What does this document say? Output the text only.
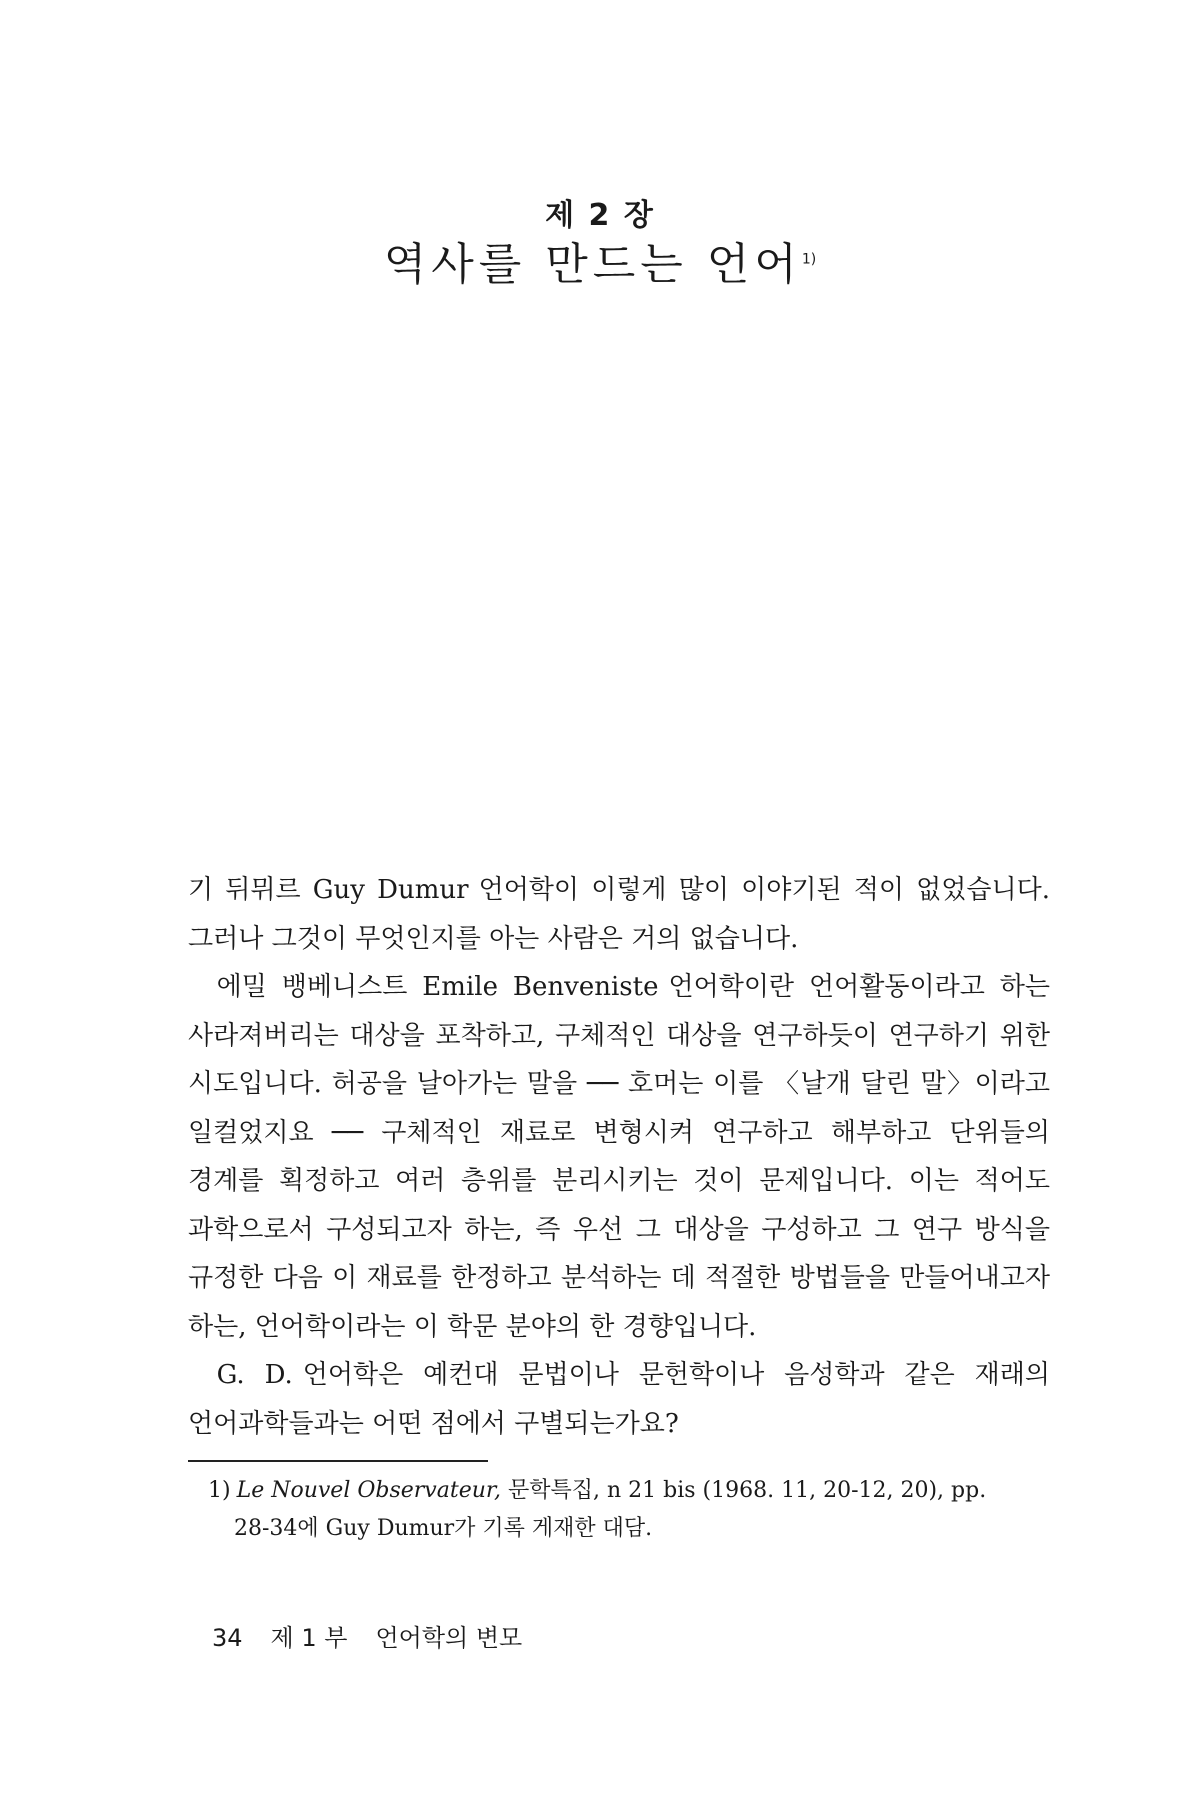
제 2 장
역사를 만드는 언어$^{1)}$

기 뒤뮈르 Guy Dumur 언어학이 이렇게 많이 이야기된 적이 없었습니다. 그러나 그것이 무엇인지를 아는 사람은 거의 없습니다.

에밀 뱅베니스트 Emile Benveniste 언어학이란 언어활동이라고 하는 사라져버리는 대상을 포착하고, 구체적인 대상을 연구하듯이 연구하기 위한 시도입니다. 허공을 날아가는 말을 ── 호머는 이를 〈날개 달린 말〉이라고 일컬었지요 ── 구체적인 재료로 변형시켜 연구하고 해부하고 단위들의 경계를 획정하고 여러 층위를 분리시키는 것이 문제입니다. 이는 적어도 과학으로서 구성되고자 하는, 즉 우선 그 대상을 구성하고 그 연구 방식을 규정한 다음 이 재료를 한정하고 분석하는 데 적절한 방법들을 만들어내고자 하는, 언어학이라는 이 학문 분야의 한 경향입니다.

G. D. 언어학은 예컨대 문법이나 문헌학이나 음성학과 같은 재래의 언어과학들과는 어떤 점에서 구별되는가요?

1) Le Nouvel Observateur, 문학특집, n 21 bis (1968. 11, 20-12, 20), pp.
28-34에 Guy Dumur가 기록 게재한 대담.
34 제 1 부 언어학의 변모
